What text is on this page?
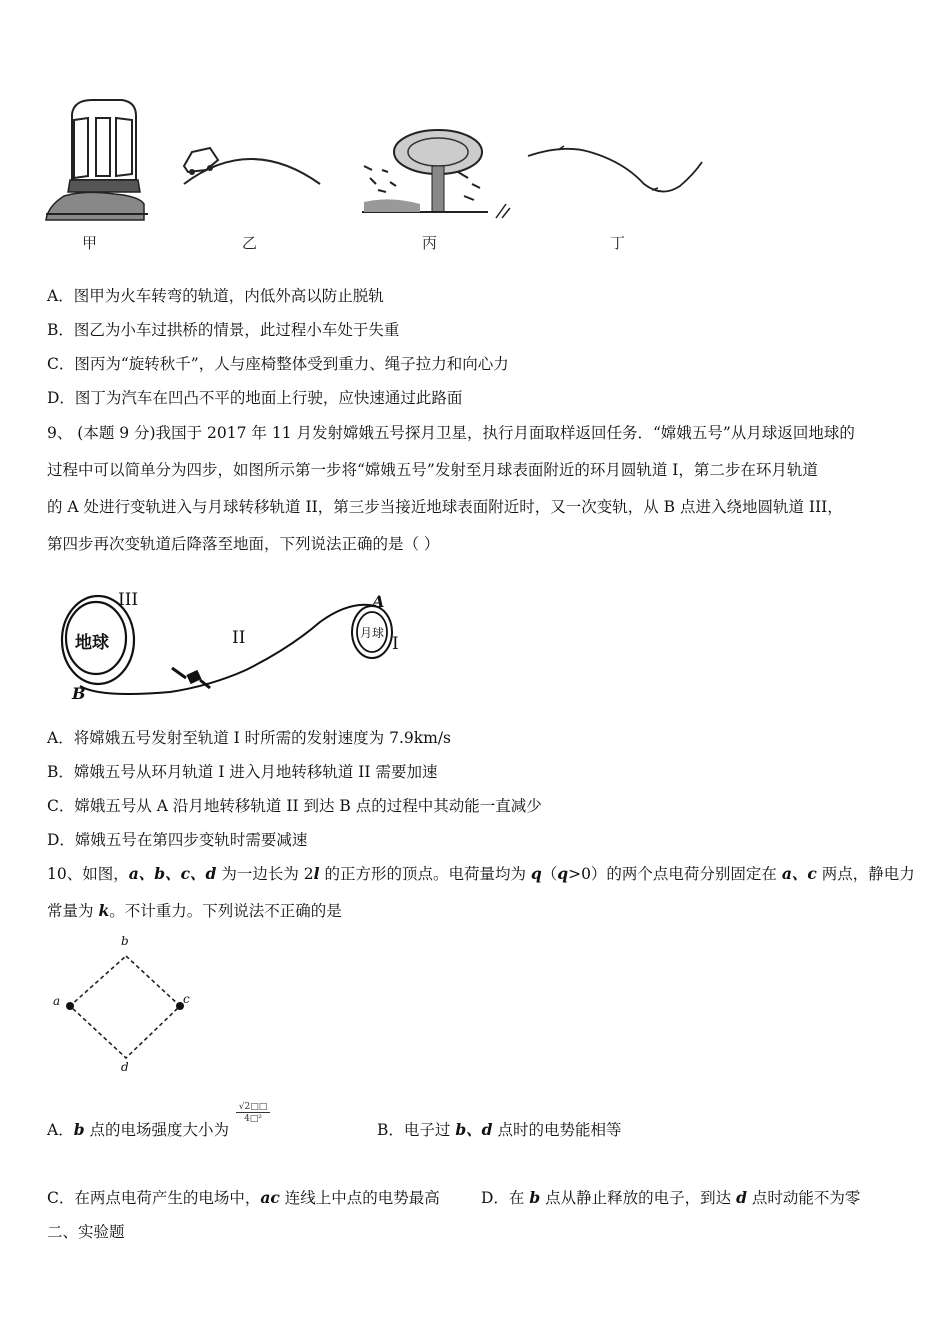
甲	乙	丙	丁
A．图甲为火车转弯的轨道，内低外高以防止脱轨
B．图乙为小车过拱桥的情景，此过程小车处于失重
C．图丙为“旋转秋千”，人与座椅整体受到重力、绳子拉力和向心力
D．图丁为汽车在凹凸不平的地面上行驶，应快速通过此路面
9、 (本题 9 分)我国于 2017 年 11 月发射嫦娥五号探月卫星，执行月面取样返回任务．“嫦娥五号”从月球返回地球的
过程中可以简单分为四步，如图所示第一步将“嫦娥五号”发射至月球表面附近的环月圆轨道 I，第二步在环月轨道
的 A 处进行变轨进入与月球转移轨道 II，第三步当接近地球表面附近时，又一次变轨，从 B 点进入绕地圆轨道 III，
第四步再次变轨道后降落至地面，下列说法正确的是（ ）
地球	月球
III
II	I
A
B
A．将嫦娥五号发射至轨道 I 时所需的发射速度为 7.9km/s
B．嫦娥五号从环月轨道 I 进入月地转移轨道 II 需要加速
C．嫦娥五号从 A 沿月地转移轨道 II 到达 B 点的过程中其动能一直减少
D．嫦娥五号在第四步变轨时需要减速
10、如图，a、b、c、d 为一边长为 2l 的正方形的顶点。电荷量均为 q（q>0）的两个点电荷分别固定在 a、c 两点，静电力
常量为 k。不计重力。下列说法不正确的是
b
a	c
d
A．b 点的电场强度大小为
√2□□
4□²
B．电子过 b、d 点时的电势能相等
C．在两点电荷产生的电场中，ac 连线上中点的电势最高	D．在 b 点从静止释放的电子，到达 d 点时动能不为零
二、实验题
